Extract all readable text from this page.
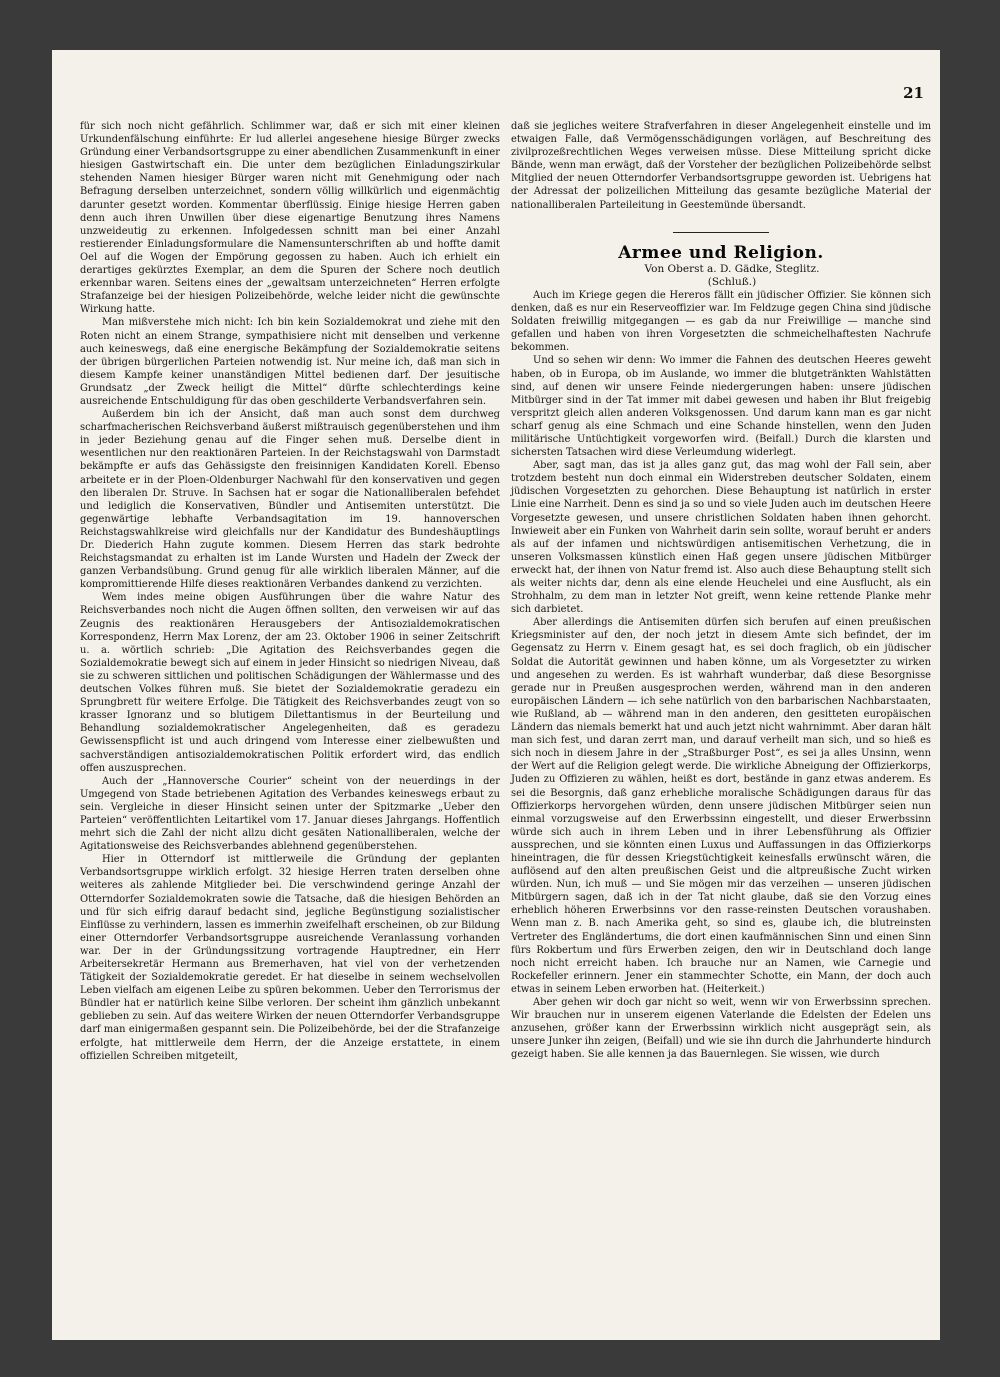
21

für sich noch nicht gefährlich. Schlimmer war, daß er sich mit einer kleinen Urkundenfälschung einführte: Er lud allerlei angesehene hiesige Bürger zwecks Gründung einer Verbandsortsgruppe zu einer abendlichen Zusammenkunft in einer hiesigen Gastwirtschaft ein. Die unter dem bezüglichen Einladungszirkular stehenden Namen hiesiger Bürger waren nicht mit Genehmigung oder nach Befragung derselben unterzeichnet, sondern völlig willkürlich und eigenmächtig darunter gesetzt worden. Kommentar überflüssig. Einige hiesige Herren gaben denn auch ihren Unwillen über diese eigenartige Benutzung ihres Namens unzweideutig zu erkennen. Infolgedessen schnitt man bei einer Anzahl restierender Einladungsformulare die Namensunterschriften ab und hoffte damit Oel auf die Wogen der Empörung gegossen zu haben. Auch ich erhielt ein derartiges gekürztes Exemplar, an dem die Spuren der Schere noch deutlich erkennbar waren. Seitens eines der „gewaltsam unterzeichneten“ Herren erfolgte Strafanzeige bei der hiesigen Polizeibehörde, welche leider nicht die gewünschte Wirkung hatte.

Man mißverstehe mich nicht: Ich bin kein Sozialdemokrat und ziehe mit den Roten nicht an einem Strange, sympathisiere nicht mit denselben und verkenne auch keineswegs, daß eine energische Bekämpfung der Sozialdemokratie seitens der übrigen bürgerlichen Parteien notwendig ist. Nur meine ich, daß man sich in diesem Kampfe keiner unanständigen Mittel bedienen darf. Der jesuitische Grundsatz „der Zweck heiligt die Mittel“ dürfte schlechterdings keine ausreichende Entschuldigung für das oben geschilderte Verbandsverfahren sein.

Außerdem bin ich der Ansicht, daß man auch sonst dem durchweg scharfmacherischen Reichsverband äußerst mißtrauisch gegenüberstehen und ihm in jeder Beziehung genau auf die Finger sehen muß. Derselbe dient in wesentlichen nur den reaktionären Parteien. In der Reichstagswahl von Darmstadt bekämpfte er aufs das Gehässigste den freisinnigen Kandidaten Korell. Ebenso arbeitete er in der Ploen-Oldenburger Nachwahl für den konservativen und gegen den liberalen Dr. Struve. In Sachsen hat er sogar die Nationalliberalen befehdet und lediglich die Konservativen, Bündler und Antisemiten unterstützt. Die gegenwärtige lebhafte Verbandsagitation im 19. hannoverschen Reichstagswahlkreise wird gleichfalls nur der Kandidatur des Bundeshäuptlings Dr. Diederich Hahn zugute kommen. Diesem Herren das stark bedrohte Reichstagsmandat zu erhalten ist im Lande Wursten und Hadeln der Zweck der ganzen Verbandsübung. Grund genug für alle wirklich liberalen Männer, auf die kompromittierende Hilfe dieses reaktionären Verbandes dankend zu verzichten.

Wem indes meine obigen Ausführungen über die wahre Natur des Reichsverbandes noch nicht die Augen öffnen sollten, den verweisen wir auf das Zeugnis des reaktionären Herausgebers der Antisozialdemokratischen Korrespondenz, Herrn Max Lorenz, der am 23. Oktober 1906 in seiner Zeitschrift u. a. wörtlich schrieb: „Die Agitation des Reichsverbandes gegen die Sozialdemokratie bewegt sich auf einem in jeder Hinsicht so niedrigen Niveau, daß sie zu schweren sittlichen und politischen Schädigungen der Wählermasse und des deutschen Volkes führen muß. Sie bietet der Sozialdemokratie geradezu ein Sprungbrett für weitere Erfolge. Die Tätigkeit des Reichsverbandes zeugt von so krasser Ignoranz und so blutigem Dilettantismus in der Beurteilung und Behandlung sozialdemokratischer Angelegenheiten, daß es geradezu Gewissenspflicht ist und auch dringend vom Interesse einer zielbewußten und sachverständigen antisozialdemokratischen Politik erfordert wird, das endlich offen auszusprechen.

Auch der „Hannoversche Courier“ scheint von der neuerdings in der Umgegend von Stade betriebenen Agitation des Verbandes keineswegs erbaut zu sein. Vergleiche in dieser Hinsicht seinen unter der Spitzmarke „Ueber den Parteien“ veröffentlichten Leitartikel vom 17. Januar dieses Jahrgangs. Hoffentlich mehrt sich die Zahl der nicht allzu dicht gesäten Nationalliberalen, welche der Agitationsweise des Reichsverbandes ablehnend gegenüberstehen.

Hier in Otterndorf ist mittlerweile die Gründung der geplanten Verbandsortsgruppe wirklich erfolgt. 32 hiesige Herren traten derselben ohne weiteres als zahlende Mitglieder bei. Die verschwindend geringe Anzahl der Otterndorfer Sozialdemokraten sowie die Tatsache, daß die hiesigen Behörden an und für sich eifrig darauf bedacht sind, jegliche Begünstigung sozialistischer Einflüsse zu verhindern, lassen es immerhin zweifelhaft erscheinen, ob zur Bildung einer Otterndorfer Verbandsortsgruppe ausreichende Veranlassung vorhanden war. Der in der Gründungssitzung vortragende Hauptredner, ein Herr Arbeitersekretär Hermann aus Bremerhaven, hat viel von der verhetzenden Tätigkeit der Sozialdemokratie geredet. Er hat dieselbe in seinem wechselvollen Leben vielfach am eigenen Leibe zu spüren bekommen. Ueber den Terrorismus der Bündler hat er natürlich keine Silbe verloren. Der scheint ihm gänzlich unbekannt geblieben zu sein. Auf das weitere Wirken der neuen Otterndorfer Verbandsgruppe darf man einigermaßen gespannt sein. Die Polizeibehörde, bei der die Strafanzeige erfolgte, hat mittlerweile dem Herrn, der die Anzeige erstattete, in einem offiziellen Schreiben mitgeteilt,

daß sie jegliches weitere Strafverfahren in dieser Angelegenheit einstelle und im etwaigen Falle, daß Vermögensschädigungen vorlägen, auf Beschreitung des zivilprozeßrechtlichen Weges verweisen müsse. Diese Mitteilung spricht dicke Bände, wenn man erwägt, daß der Vorsteher der bezüglichen Polizeibehörde selbst Mitglied der neuen Otterndorfer Verbandsortsgruppe geworden ist. Uebrigens hat der Adressat der polizeilichen Mitteilung das gesamte bezügliche Material der nationalliberalen Parteileitung in Geestemünde übersandt.

Armee und Religion.

Von Oberst a. D. Gädke, Steglitz.

(Schluß.)

Auch im Kriege gegen die Hereros fällt ein jüdischer Offizier. Sie können sich denken, daß es nur ein Reserveoffizier war. Im Feldzuge gegen China sind jüdische Soldaten freiwillig mitgegangen — es gab da nur Freiwillige — manche sind gefallen und haben von ihren Vorgesetzten die schmeichelhaftesten Nachrufe bekommen.

Und so sehen wir denn: Wo immer die Fahnen des deutschen Heeres geweht haben, ob in Europa, ob im Auslande, wo immer die blutgetränkten Wahlstätten sind, auf denen wir unsere Feinde niedergerungen haben: unsere jüdischen Mitbürger sind in der Tat immer mit dabei gewesen und haben ihr Blut freigebig verspritzt gleich allen anderen Volksgenossen. Und darum kann man es gar nicht scharf genug als eine Schmach und eine Schande hinstellen, wenn den Juden militärische Untüchtigkeit vorgeworfen wird. (Beifall.) Durch die klarsten und sichersten Tatsachen wird diese Verleumdung widerlegt.

Aber, sagt man, das ist ja alles ganz gut, das mag wohl der Fall sein, aber trotzdem besteht nun doch einmal ein Widerstreben deutscher Soldaten, einem jüdischen Vorgesetzten zu gehorchen. Diese Behauptung ist natürlich in erster Linie eine Narrheit. Denn es sind ja so und so viele Juden auch im deutschen Heere Vorgesetzte gewesen, und unsere christlichen Soldaten haben ihnen gehorcht. Inwieweit aber ein Funken von Wahrheit darin sein sollte, worauf beruht er anders als auf der infamen und nichtswürdigen antisemitischen Verhetzung, die in unseren Volksmassen künstlich einen Haß gegen unsere jüdischen Mitbürger erweckt hat, der ihnen von Natur fremd ist. Also auch diese Behauptung stellt sich als weiter nichts dar, denn als eine elende Heuchelei und eine Ausflucht, als ein Strohhalm, zu dem man in letzter Not greift, wenn keine rettende Planke mehr sich darbietet.

Aber allerdings die Antisemiten dürfen sich berufen auf einen preußischen Kriegsminister auf den, der noch jetzt in diesem Amte sich befindet, der im Gegensatz zu Herrn v. Einem gesagt hat, es sei doch fraglich, ob ein jüdischer Soldat die Autorität gewinnen und haben könne, um als Vorgesetzter zu wirken und angesehen zu werden. Es ist wahrhaft wunderbar, daß diese Besorgnisse gerade nur in Preußen ausgesprochen werden, während man in den anderen europäischen Ländern — ich sehe natürlich von den barbarischen Nachbarstaaten, wie Rußland, ab — während man in den anderen, den gesitteten europäischen Ländern das niemals bemerkt hat und auch jetzt nicht wahrnimmt. Aber daran hält man sich fest, und daran zerrt man, und darauf verheilt man sich, und so hieß es sich noch in diesem Jahre in der „Straßburger Post“, es sei ja alles Unsinn, wenn der Wert auf die Religion gelegt werde. Die wirkliche Abneigung der Offizierkorps, Juden zu Offizieren zu wählen, heißt es dort, bestände in ganz etwas anderem. Es sei die Besorgnis, daß ganz erhebliche moralische Schädigungen daraus für das Offizierkorps hervorgehen würden, denn unsere jüdischen Mitbürger seien nun einmal vorzugsweise auf den Erwerbssinn eingestellt, und dieser Erwerbssinn würde sich auch in ihrem Leben und in ihrer Lebensführung als Offizier aussprechen, und sie könnten einen Luxus und Auffassungen in das Offizierkorps hineintragen, die für dessen Kriegstüchtigkeit keinesfalls erwünscht wären, die auflösend auf den alten preußischen Geist und die altpreußische Zucht wirken würden. Nun, ich muß — und Sie mögen mir das verzeihen — unseren jüdischen Mitbürgern sagen, daß ich in der Tat nicht glaube, daß sie den Vorzug eines erheblich höheren Erwerbsinns vor den rasse-reinsten Deutschen voraushaben. Wenn man z. B. nach Amerika geht, so sind es, glaube ich, die blutreinsten Vertreter des Engländertums, die dort einen kaufmännischen Sinn und einen Sinn fürs Rokbertum und fürs Erwerben zeigen, den wir in Deutschland doch lange noch nicht erreicht haben. Ich brauche nur an Namen, wie Carnegie und Rockefeller erinnern. Jener ein stammechter Schotte, ein Mann, der doch auch etwas in seinem Leben erworben hat. (Heiterkeit.)

Aber gehen wir doch gar nicht so weit, wenn wir von Erwerbssinn sprechen. Wir brauchen nur in unserem eigenen Vaterlande die Edelsten der Edelen uns anzusehen, größer kann der Erwerbssinn wirklich nicht ausgeprägt sein, als unsere Junker ihn zeigen, (Beifall) und wie sie ihn durch die Jahrhunderte hindurch gezeigt haben. Sie alle kennen ja das Bauernlegen. Sie wissen, wie durch
